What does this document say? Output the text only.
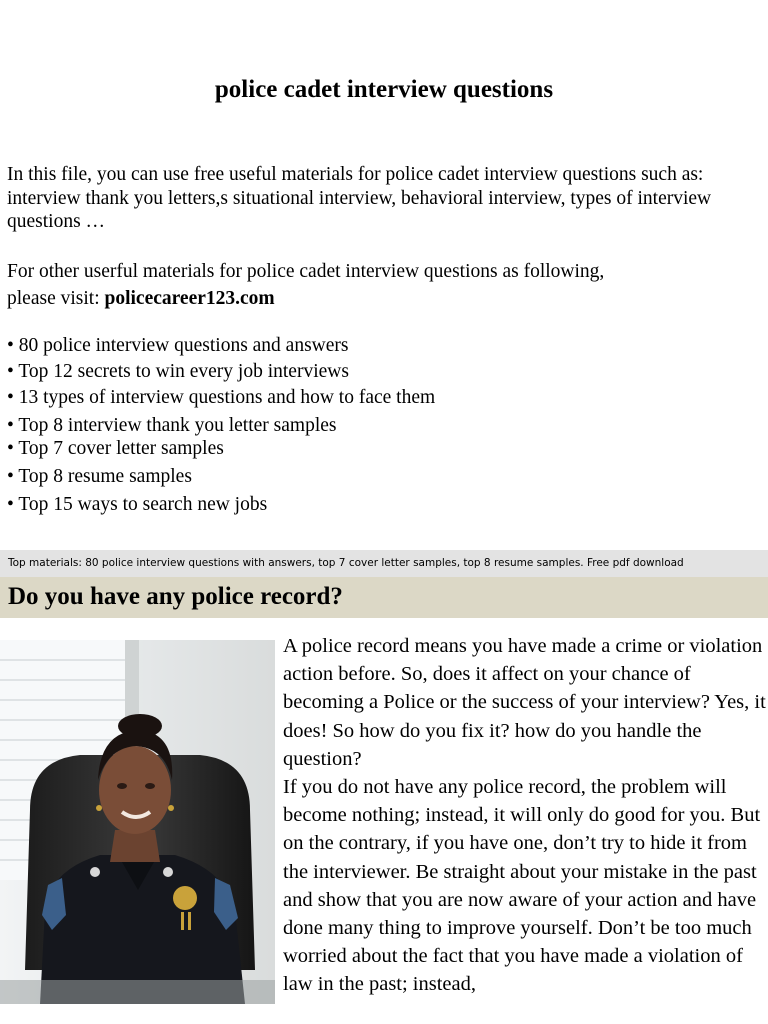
police cadet interview questions

In this file, you can use free useful materials for police cadet interview questions such as: interview thank you letters,s situational interview, behavioral interview, types of interview questions …

For other userful materials for police cadet interview questions as following,
please visit: policecareer123.com

• 80 police interview questions and answers
• Top 12 secrets to win every job interviews
• 13 types of interview questions and how to face them
• Top 8 interview thank you letter samples
• Top 7 cover letter samples
• Top 8 resume samples
• Top 15 ways to search new jobs
Top materials: 80 police interview questions with answers, top 7 cover letter samples, top 8 resume samples. Free pdf download
Do you have any police record?

A police record means you have made a crime or violation action before. So, does it affect on your chance of becoming a Police or the success of your interview? Yes, it does! So how do you fix it? how do you handle the question?

If you do not have any police record, the problem will become nothing; instead, it will only do good for you. But on the contrary, if you have one, don’t try to hide it from the interviewer. Be straight about your mistake in the past and show that you are now aware of your action and have done many thing to improve yourself. Don’t be too much worried about the fact that you have made a violation of law in the past; instead,
